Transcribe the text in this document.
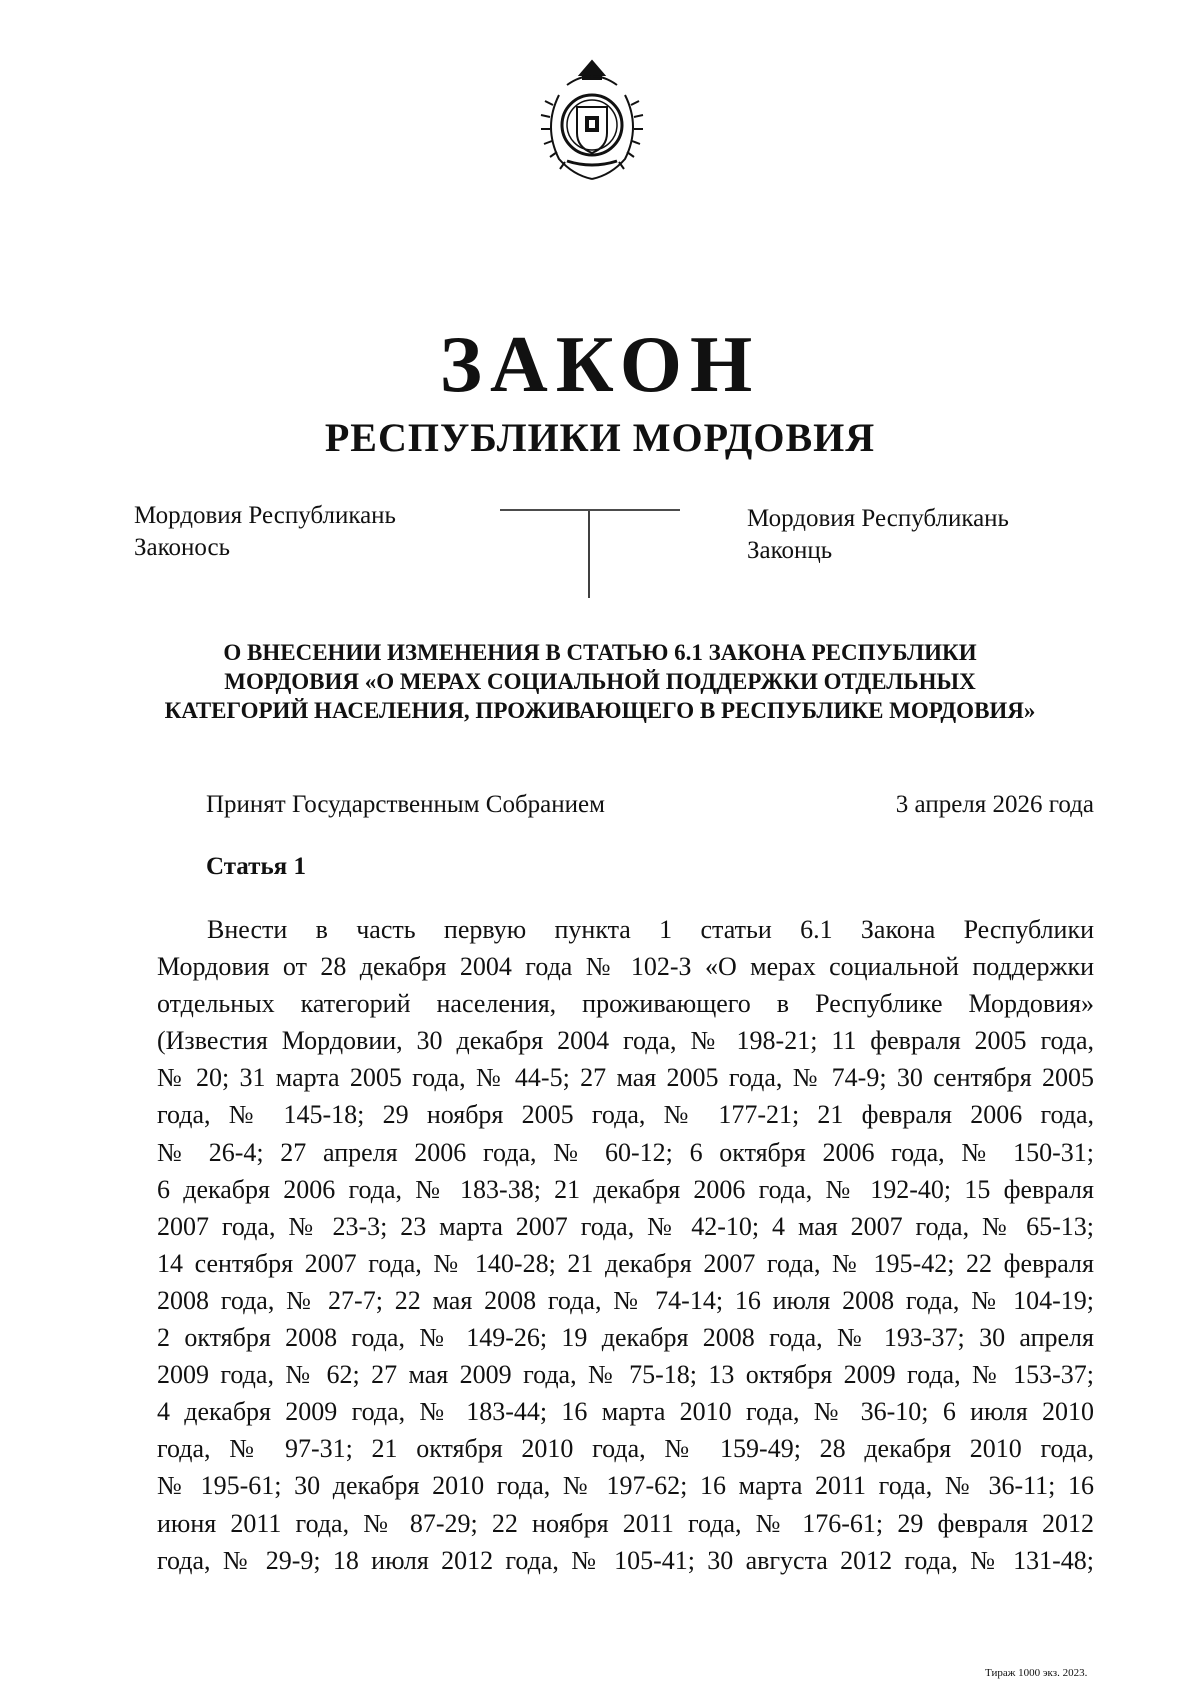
ЗАКОН
РЕСПУБЛИКИ МОРДОВИЯ
Мордовия Республикань
Законось
Мордовия Республикань
Законць
О ВНЕСЕНИИ ИЗМЕНЕНИЯ В СТАТЬЮ 6.1 ЗАКОНА РЕСПУБЛИКИ
МОРДОВИЯ «О МЕРАХ СОЦИАЛЬНОЙ ПОДДЕРЖКИ ОТДЕЛЬНЫХ
КАТЕГОРИЙ НАСЕЛЕНИЯ, ПРОЖИВАЮЩЕГО В РЕСПУБЛИКЕ МОРДОВИЯ»
Принят Государственным Собранием	3 апреля 2026 года
Статья 1
Внести в часть первую пункта 1 статьи 6.1 Закона Республики
Мордовия от 28 декабря 2004 года № 102-З «О мерах социальной поддержки
отдельных категорий населения, проживающего в Республике Мордовия»
(Известия Мордовии, 30 декабря 2004 года, № 198-21; 11 февраля 2005 года,
№ 20; 31 марта 2005 года, № 44-5; 27 мая 2005 года, № 74-9; 30 сентября 2005
года, № 145-18; 29 ноября 2005 года, № 177-21; 21 февраля 2006 года,
№ 26-4; 27 апреля 2006 года, № 60-12; 6 октября 2006 года, № 150-31;
6 декабря 2006 года, № 183-38; 21 декабря 2006 года, № 192-40; 15 февраля
2007 года, № 23-3; 23 марта 2007 года, № 42-10; 4 мая 2007 года, № 65-13;
14 сентября 2007 года, № 140-28; 21 декабря 2007 года, № 195-42; 22 февраля
2008 года, № 27-7; 22 мая 2008 года, № 74-14; 16 июля 2008 года, № 104-19;
2 октября 2008 года, № 149-26; 19 декабря 2008 года, № 193-37; 30 апреля
2009 года, № 62; 27 мая 2009 года, № 75-18; 13 октября 2009 года, № 153-37;
4 декабря 2009 года, № 183-44; 16 марта 2010 года, № 36-10; 6 июля 2010
года, № 97-31; 21 октября 2010 года, № 159-49; 28 декабря 2010 года,
№ 195-61; 30 декабря 2010 года, № 197-62; 16 марта 2011 года, № 36-11; 16
июня 2011 года, № 87-29; 22 ноября 2011 года, № 176-61; 29 февраля 2012
года, № 29-9; 18 июля 2012 года, № 105-41; 30 августа 2012 года, № 131-48;
Тираж 1000 экз. 2023.
